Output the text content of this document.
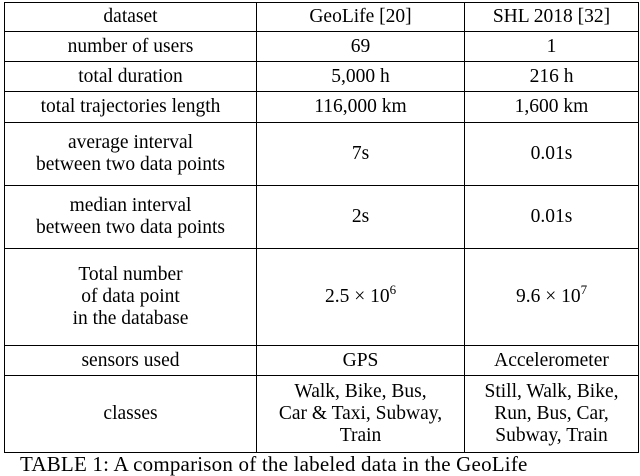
dataset	GeoLife [20]	SHL 2018 [32]
number of users	69	1
total duration	5,000 h	216 h
total trajectories length	116,000 km	1,600 km

average interval
between two data points	7s	0.01s

median interval
between two data points	2s	0.01s

Total number
of data point
in the database	$2.5 \times 10^6$	$9.6 \times 10^7$
sensors used	GPS	Accelerometer
classes	Walk, Bike, Bus,
Car & Taxi, Subway,
Train	Still, Walk, Bike,
Run, Bus, Car,
Subway, Train
TABLE 1: A comparison of the labeled data in the GeoLife
